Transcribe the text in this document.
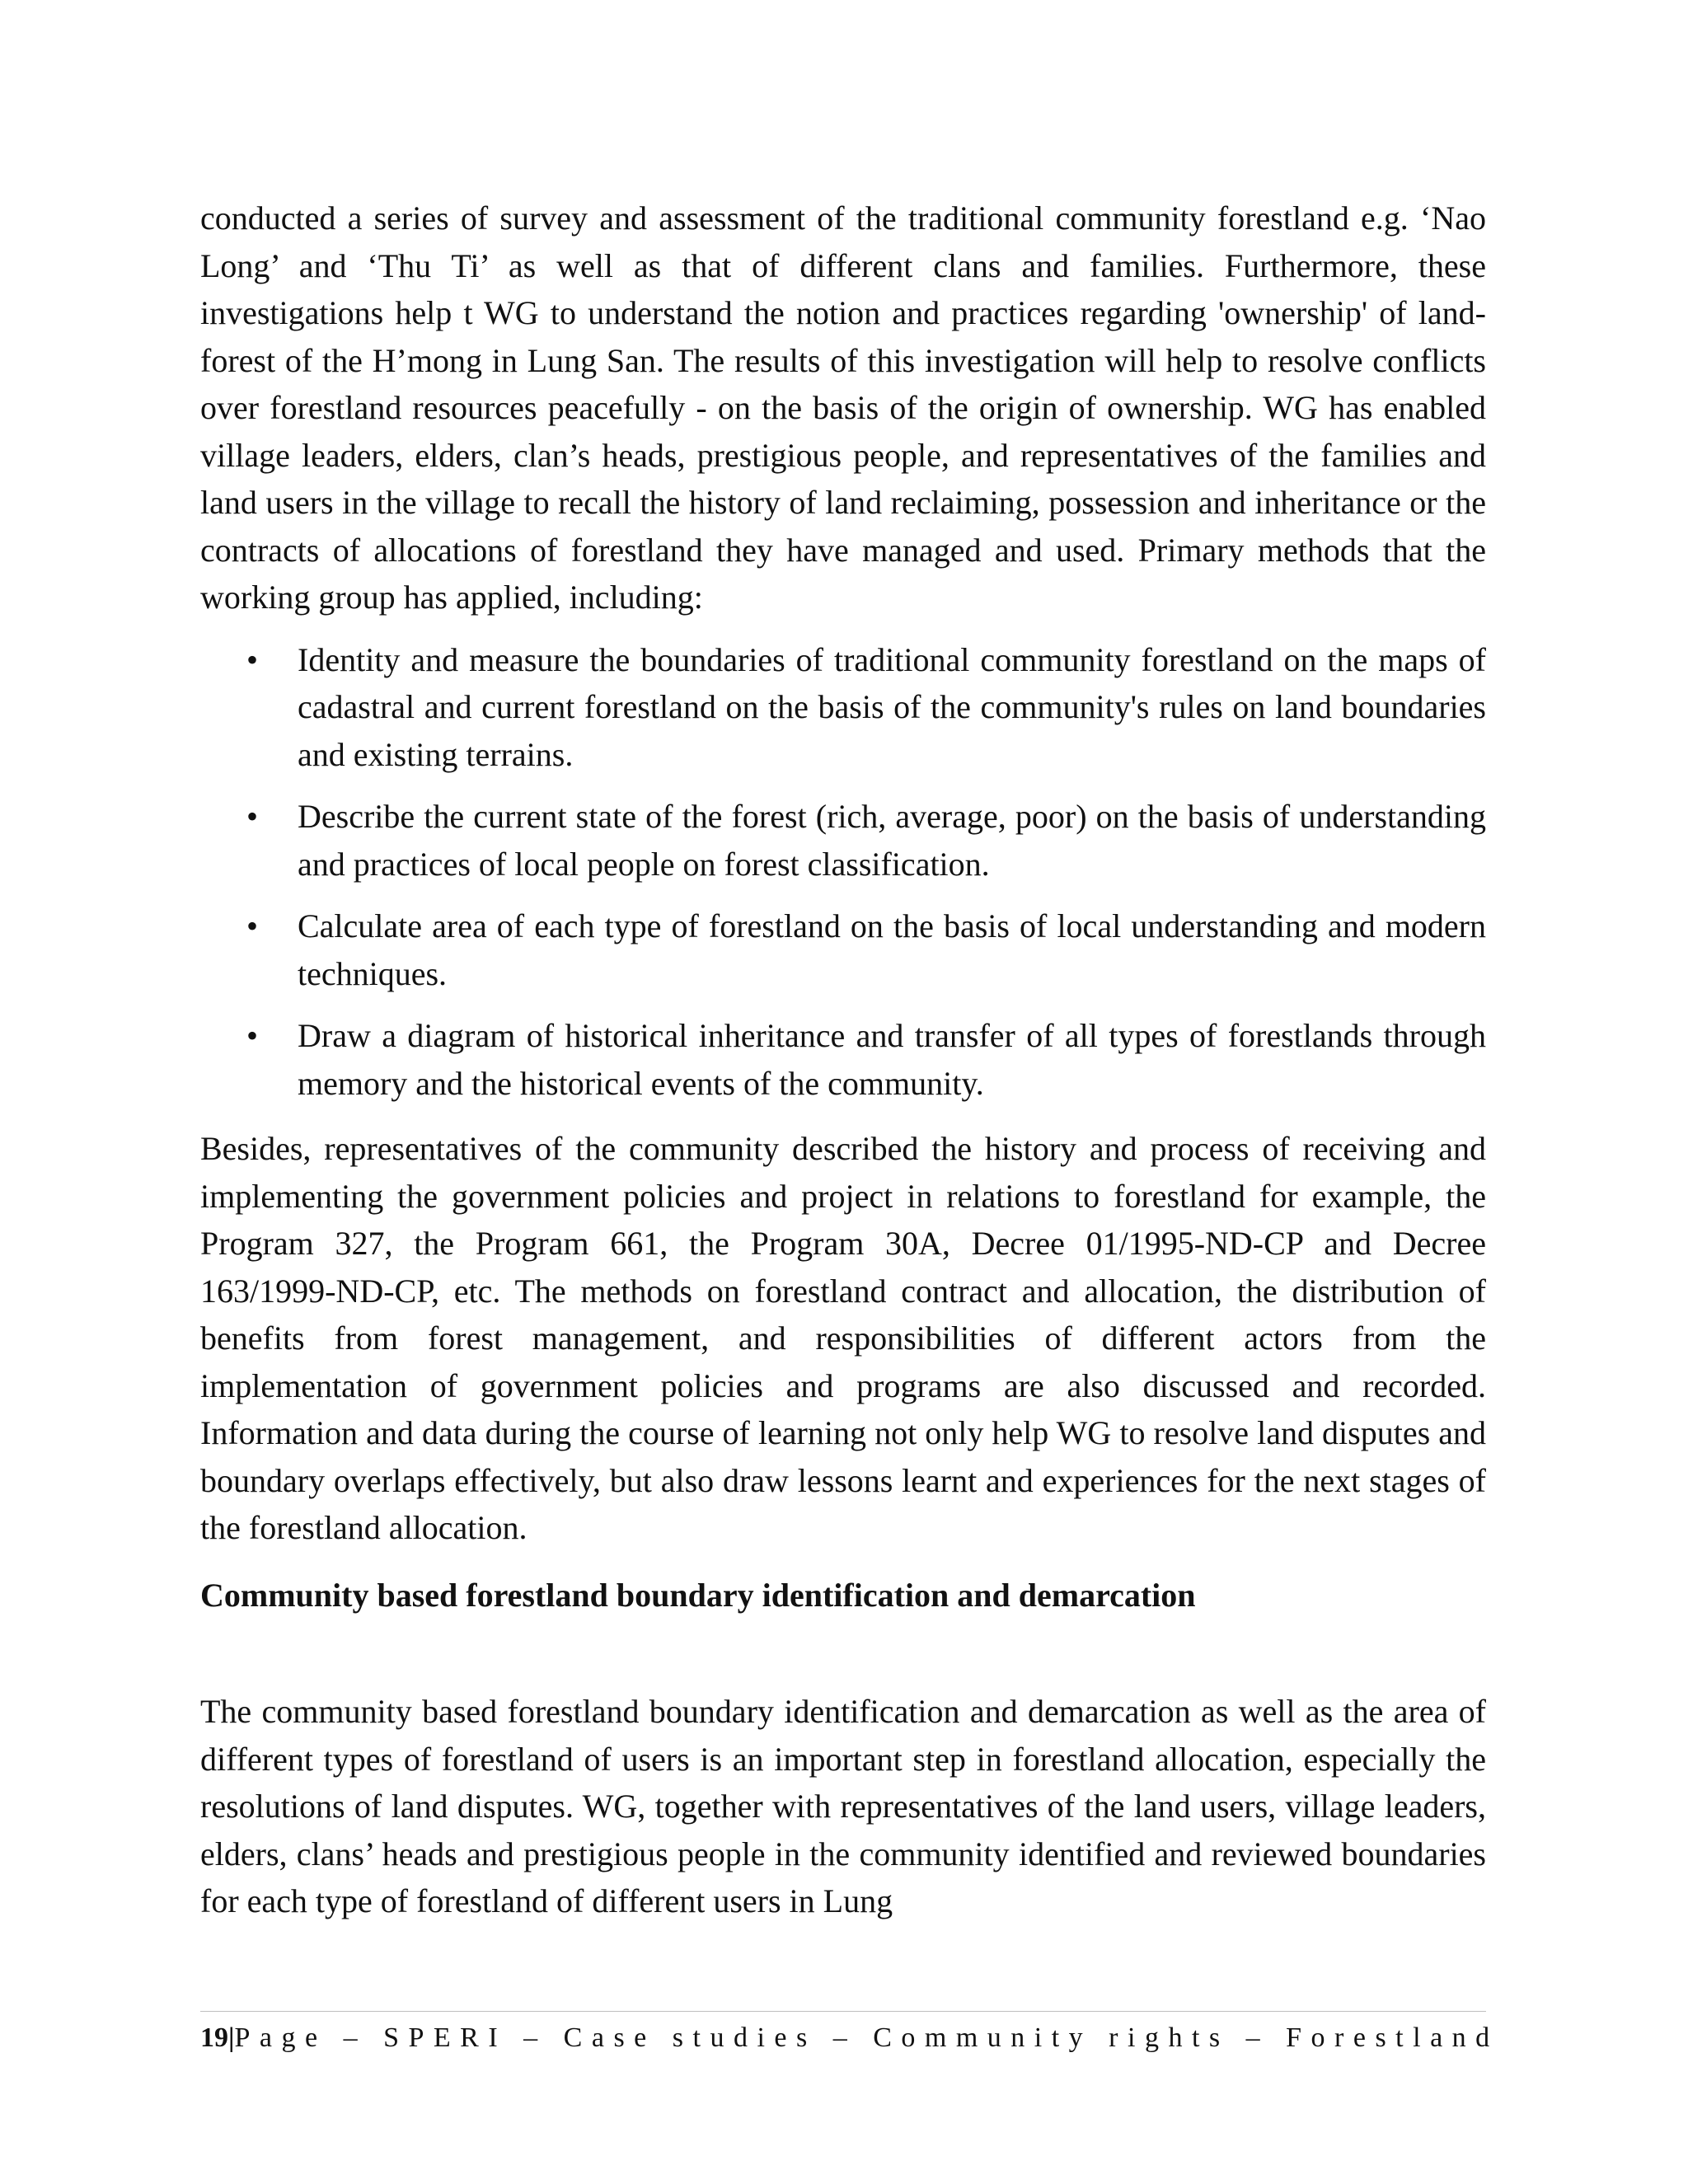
conducted a series of survey and assessment of the traditional community forestland e.g. ‘Nao Long’ and ‘Thu Ti’ as well as that of different clans and families. Furthermore, these investigations help t WG to understand the notion and practices regarding 'ownership' of land-forest of the H’mong in Lung San. The results of this investigation will help to resolve conflicts over forestland resources peacefully - on the basis of the origin of ownership. WG has enabled village leaders, elders, clan’s heads, prestigious people, and representatives of the families and land users in the village to recall the history of land reclaiming, possession and inheritance or the contracts of allocations of forestland they have managed and used. Primary methods that the working group has applied, including:

• Identity and measure the boundaries of traditional community forestland on the maps of cadastral and current forestland on the basis of the community's rules on land boundaries and existing terrains.
• Describe the current state of the forest (rich, average, poor) on the basis of understanding and practices of local people on forest classification.
• Calculate area of each type of forestland on the basis of local understanding and modern techniques.
• Draw a diagram of historical inheritance and transfer of all types of forestlands through memory and the historical events of the community.

Besides, representatives of the community described the history and process of receiving and implementing the government policies and project in relations to forestland for example, the Program 327, the Program 661, the Program 30A, Decree 01/1995-ND-CP and Decree 163/1999-ND-CP, etc. The methods on forestland contract and allocation, the distribution of benefits from forest management, and responsibilities of different actors from the implementation of government policies and programs are also discussed and recorded. Information and data during the course of learning not only help WG to resolve land disputes and boundary overlaps effectively, but also draw lessons learnt and experiences for the next stages of the forestland allocation.

Community based forestland boundary identification and demarcation

The community based forestland boundary identification and demarcation as well as the area of different types of forestland of users is an important step in forestland allocation, especially the resolutions of land disputes. WG, together with representatives of the land users, village leaders, elders, clans’ heads and prestigious people in the community identified and reviewed boundaries for each type of forestland of different users in Lung

19|Page – SPERI – Case studies – Community rights – Forestland
